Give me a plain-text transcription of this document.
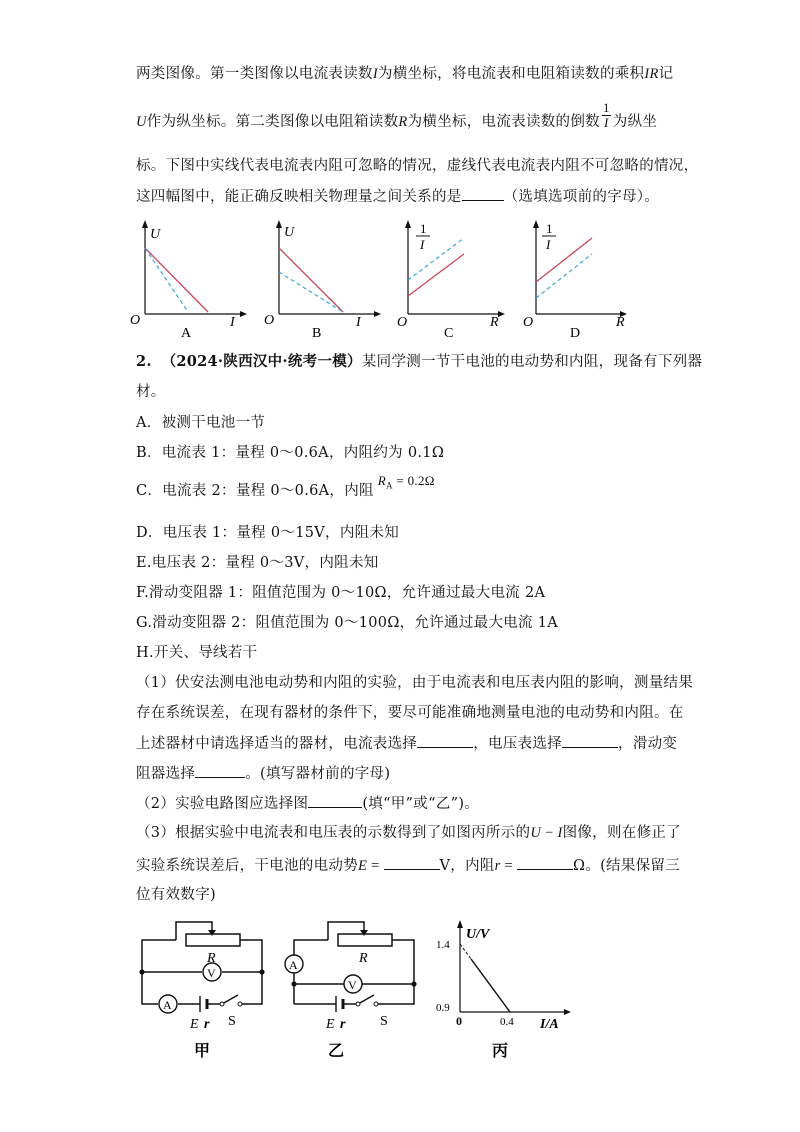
两类图像。第一类图像以电流表读数I为横坐标，将电流表和电阻箱读数的乘积IR记
U作为纵坐标。第二类图像以电阻箱读数R为横坐标，电流表读数的倒数 $\frac{1}{I}$ 为纵坐
标。下图中实线代表电流表内阻可忽略的情况，虚线代表电流表内阻不可忽略的情况，
这四幅图中，能正确反映相关物理量之间关系的是	（选填选项前的字母）。
U
O	I
A
U
O	I
B
1
I
O	R
C
1
I
O	R
D
2. （2024·陕西汉中·统考一模）某同学测一节干电池的电动势和内阻，现备有下列器
材。
A．被测干电池一节
B．电流表 1：量程 0～0.6A，内阻约为 0.1Ω
C．电流表 2：量程 0～0.6A，内阻$R_A = 0.2\Omega$
D．电压表 1：量程 0～15V，内阻未知
E.电压表 2：量程 0～3V，内阻未知
F.滑动变阻器 1：阻值范围为 0～10Ω，允许通过最大电流 2A
G.滑动变阻器 2：阻值范围为 0～100Ω，允许通过最大电流 1A
H.开关、导线若干
（1）伏安法测电池电动势和内阻的实验，由于电流表和电压表内阻的影响，测量结果
存在系统误差，在现有器材的条件下，要尽可能准确地测量电池的电动势和内阻。在
上述器材中请选择适当的器材，电流表选择	，电压表选择	，滑动变
阻器选择	。(填写器材前的字母)
（2）实验电路图应选择图	(填“甲”或“乙”)。
（3）根据实验中电流表和电压表的示数得到了如图丙所示的U − I图像，则在修正了
实验系统误差后，干电池的电动势E =	V，内阻r =	Ω。(结果保留三
位有效数字)
R
V
A
E r S
甲
R
V
A
E r S
乙
U/V
1.4
0.9
0	0.4 I/A
丙
